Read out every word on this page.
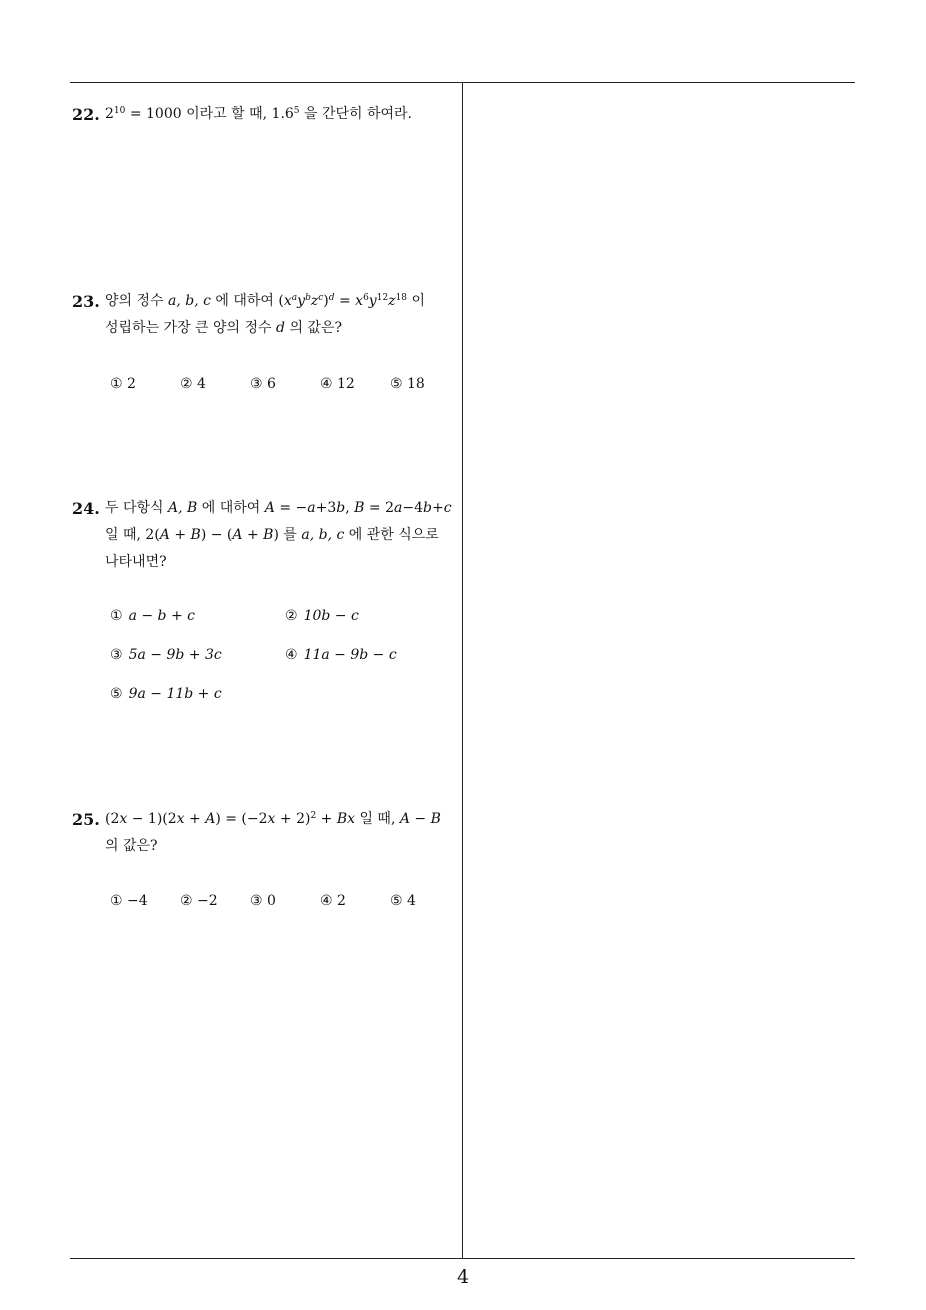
4
22. $2^{10} = 1000$ 이라고 할 때, $1.6^5$ 을 간단히 하여라.
23. 양의 정수 a, b, c 에 대하여 $(x^ay^bz^c)^d = x^6y^{12}z^{18}$ 이
성립하는 가장 큰 양의 정수 d 의 값은?
① 2	② 4	③ 6	④ 12	⑤ 18
24. 두 다항식 A, B 에 대하여 A = −a+3b, B = 2a−4b+c
일 때, 2(A + B) − (A + B) 를 a, b, c 에 관한 식으로
나타내면?
① a − b + c	② 10b − c
③ 5a − 9b + 3c	④ 11a − 9b − c
⑤ 9a − 11b + c
25. $(2x - 1)(2x + A) = (-2x + 2)^2 + Bx$ 일 때, A − B
의 값은?
① −4 ② −2 ③ 0	④ 2	⑤ 4
